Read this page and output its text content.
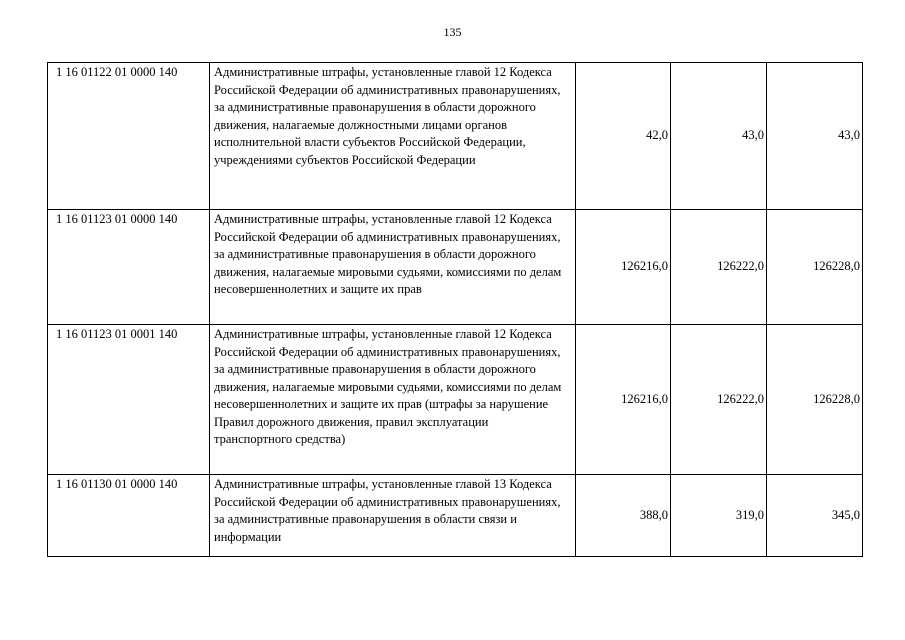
135
1 16 01122 01 0000 140	Административные штрафы, установленные главой 12 Кодекса Российской Федерации об административных правонарушениях, за административные правонарушения в области дорожного движения, налагаемые должностными лицами органов исполнительной власти субъектов Российской Федерации, учреждениями субъектов Российской Федерации	42,0	43,0	43,0
1 16 01123 01 0000 140	Административные штрафы, установленные главой 12 Кодекса Российской Федерации об административных правонарушениях, за административные правонарушения в области дорожного движения, налагаемые мировыми судьями, комиссиями по делам несовершеннолетних и защите их прав	126216,0	126222,0	126228,0
1 16 01123 01 0001 140	Административные штрафы, установленные главой 12 Кодекса Российской Федерации об административных правонарушениях, за административные правонарушения в области дорожного движения, налагаемые мировыми судьями, комиссиями по делам несовершеннолетних и защите их прав (штрафы за нарушение Правил дорожного движения, правил эксплуатации транспортного средства)	126216,0	126222,0	126228,0
1 16 01130 01 0000 140	Административные штрафы, установленные главой 13 Кодекса Российской Федерации об административных правонарушениях, за административные правонарушения в области связи и информации	388,0	319,0	345,0
